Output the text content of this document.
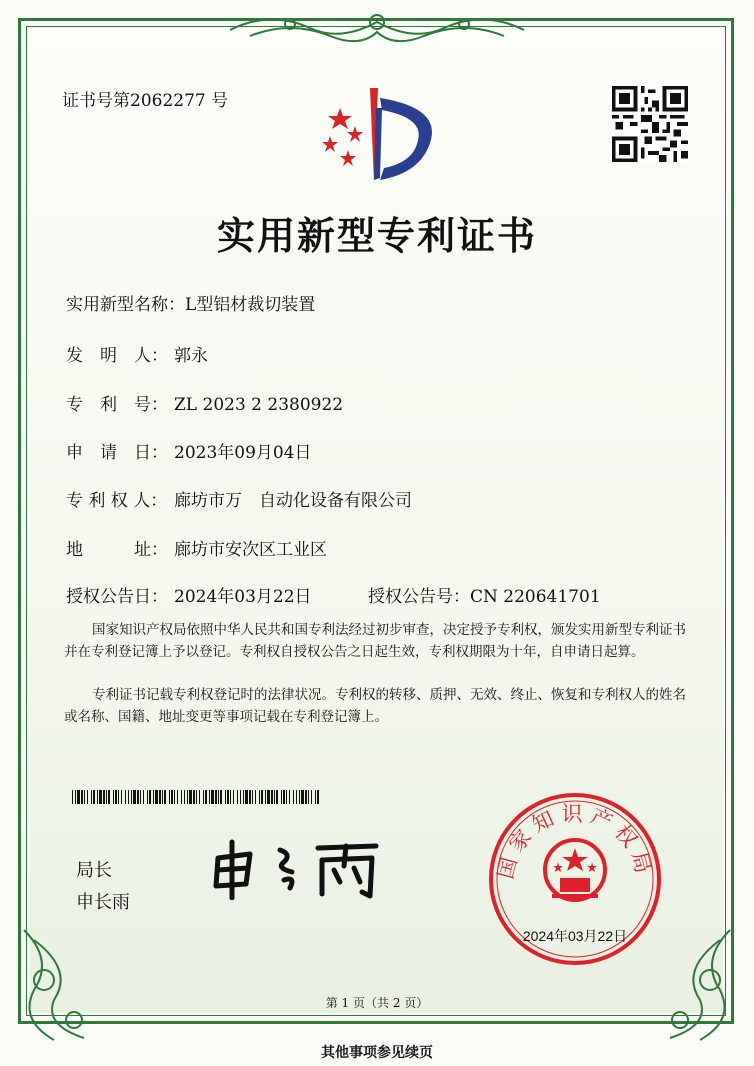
证书号第2062277 号
实用新型专利证书
实用新型名称：L型铝材裁切装置
发　明　人： 郭永
专　利　号： ZL 2023 2 2380922
申　请　日： 2023年09月04日
专 利 权 人： 廊坊市万　自动化设备有限公司
地　　　址： 廊坊市安次区工业区
授权公告日： 2024年03月22日	授权公告号：CN 220641701
国家知识产权局依照中华人民共和国专利法经过初步审查，决定授予专利权，颁发实用新型专利证书并在专利登记簿上予以登记。专利权自授权公告之日起生效，专利权期限为十年，自申请日起算。
专利证书记载专利权登记时的法律状况。专利权的转移、质押、无效、终止、恢复和专利权人的姓名或名称、国籍、地址变更等事项记载在专利登记簿上。
局长
申长雨
国家知识产权局
2024年03月22日
第 1 页（共 2 页）
其他事项参见续页
